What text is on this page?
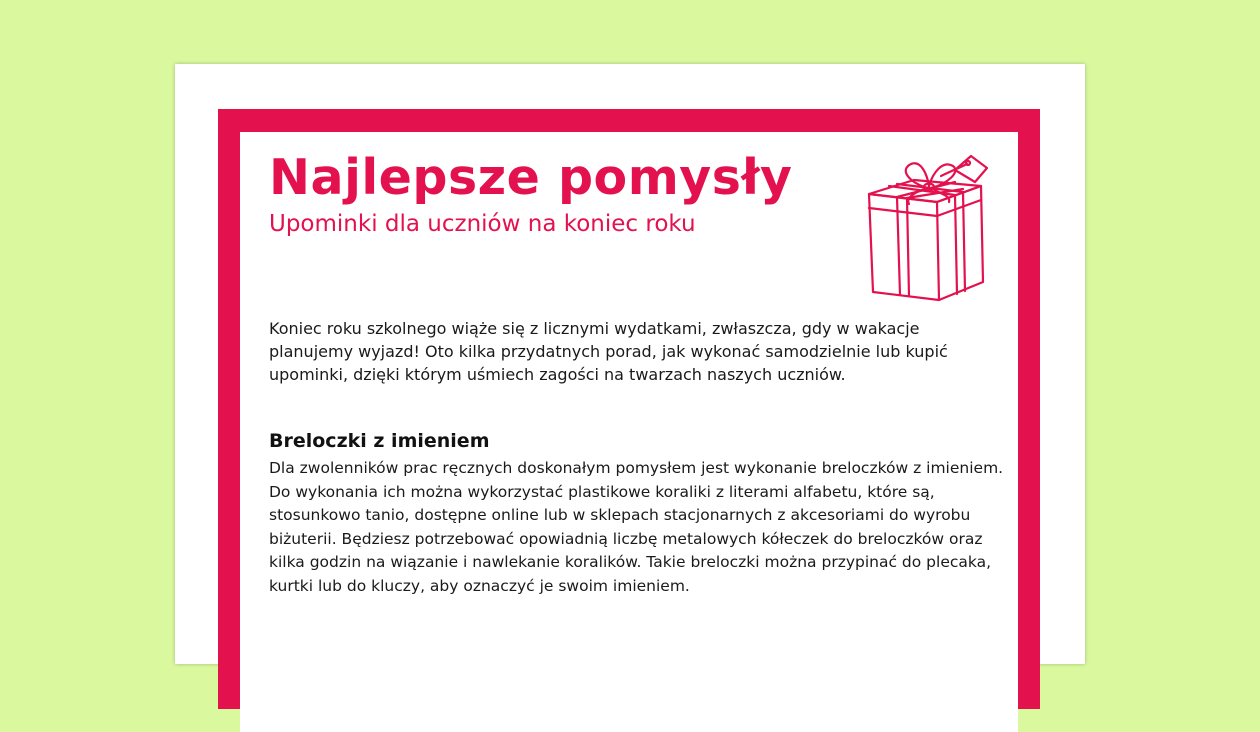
Najlepsze pomysły
Upominki dla uczniów na koniec roku

Koniec roku szkolnego wiąże się z licznymi wydatkami, zwłaszcza, gdy w wakacje planujemy wyjazd! Oto kilka przydatnych porad, jak wykonać samodzielnie lub kupić upominki, dzięki którym uśmiech zagości na twarzach naszych uczniów.

Breloczki z imieniem

Dla zwolenników prac ręcznych doskonałym pomysłem jest wykonanie breloczków z imieniem. Do wykonania ich można wykorzystać plastikowe koraliki z literami alfabetu, które są, stosunkowo tanio, dostępne online lub w sklepach stacjonarnych z akcesoriami do wyrobu biżuterii. Będziesz potrzebować opowiadnią liczbę metalowych kółeczek do breloczków oraz kilka godzin na wiązanie i nawlekanie koralików. Takie breloczki można przypinać do plecaka, kurtki lub do kluczy, aby oznaczyć je swoim imieniem.
